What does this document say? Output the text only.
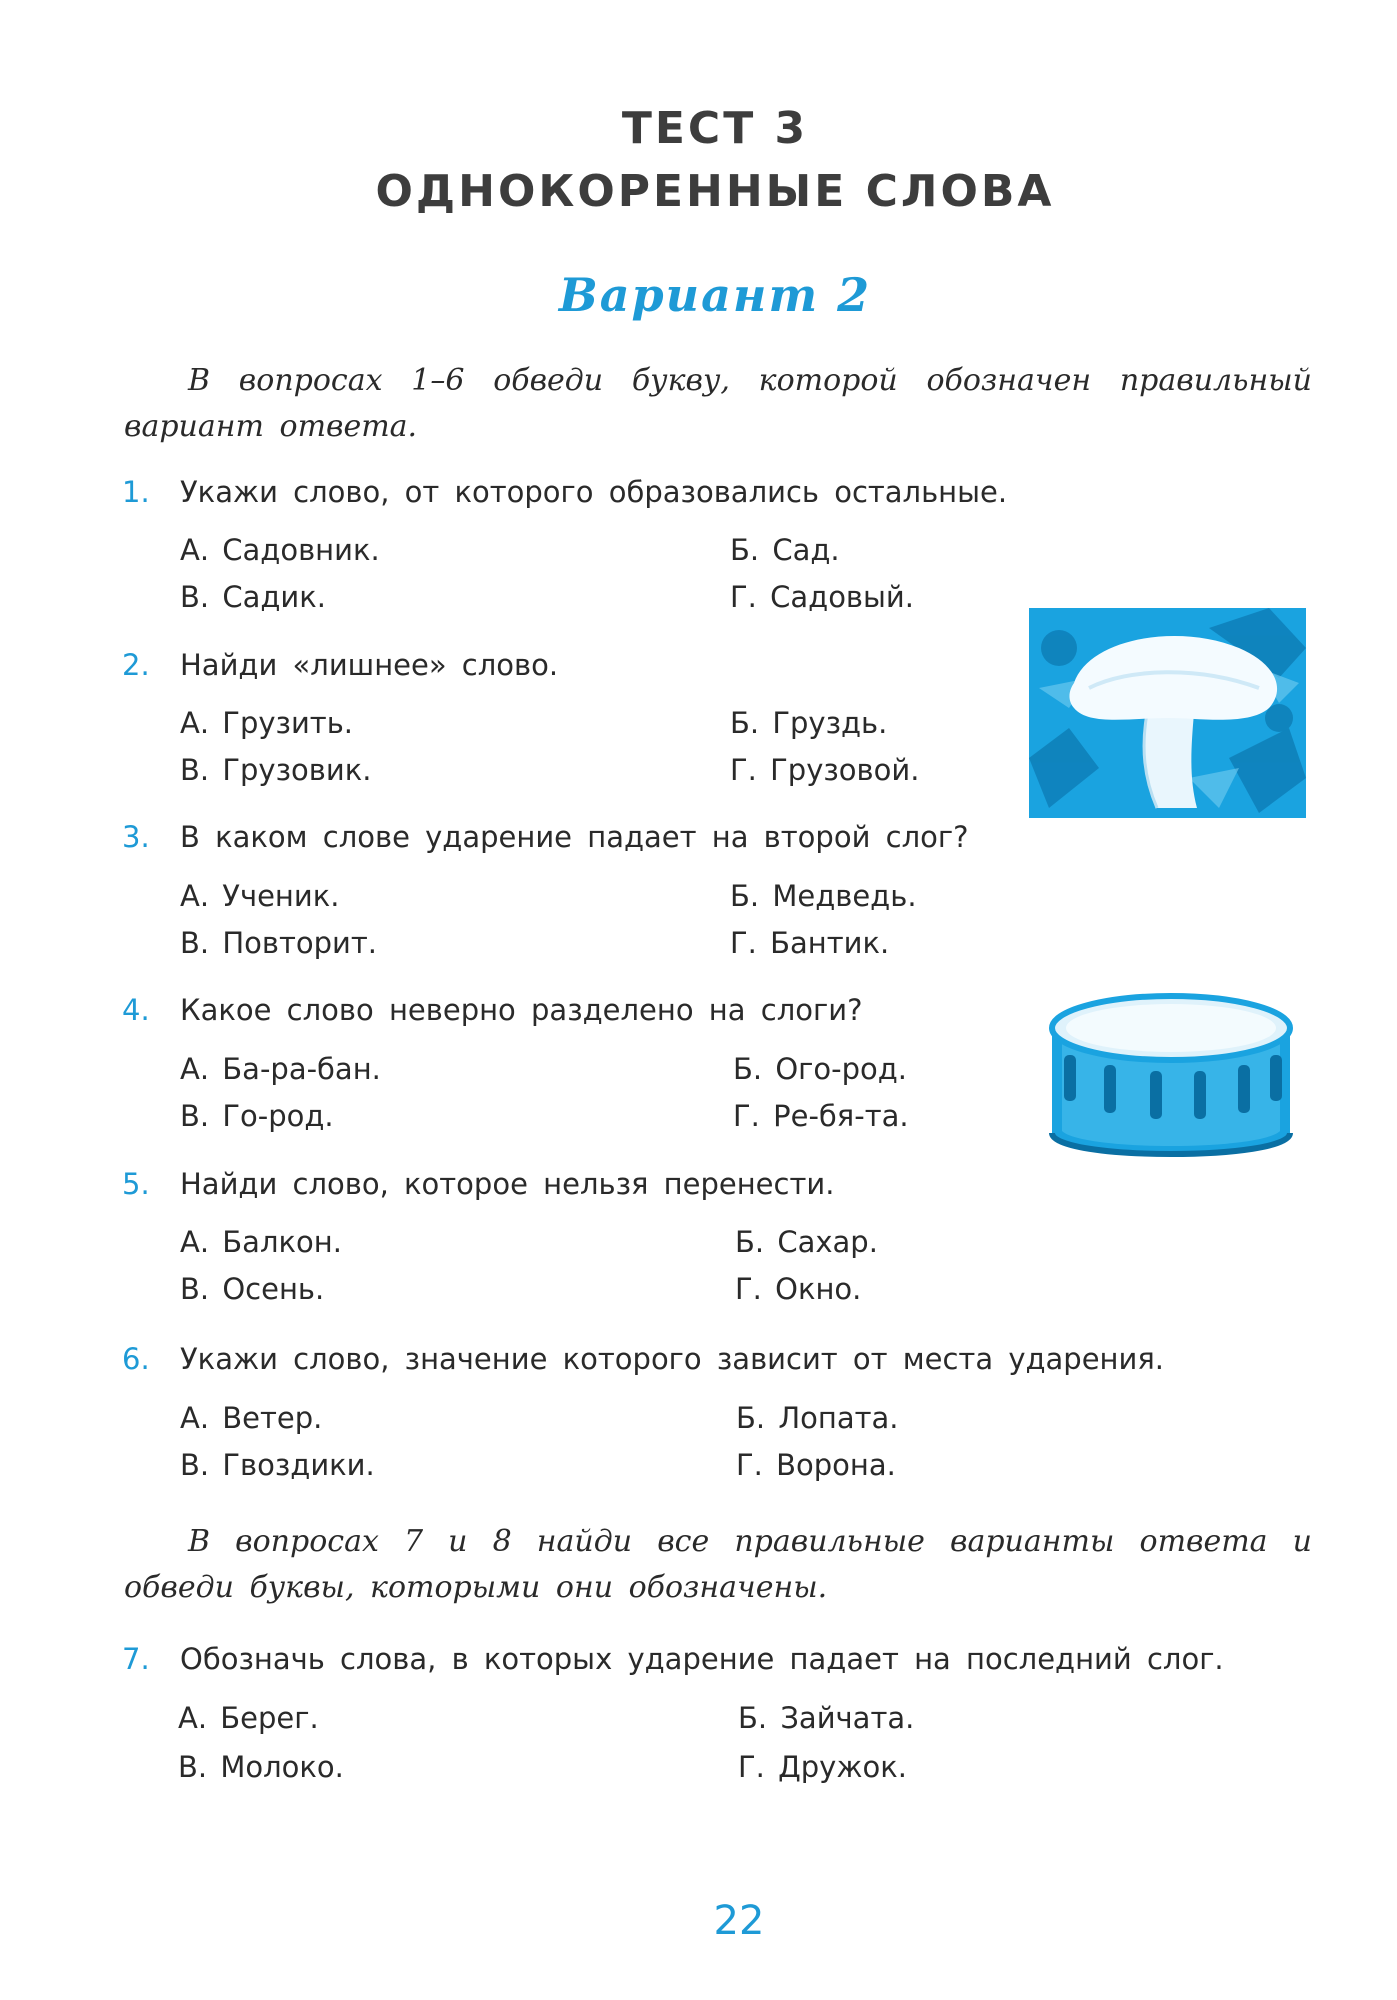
ТЕСТ 3
ОДНОКОРЕННЫЕ СЛОВА
Вариант 2
В вопросах 1–6 обведи букву, которой обозначен правильный вариант ответа.
1. Укажи слово, от которого образовались остальные.
А. Садовник.	Б. Сад.
В. Садик.	Г. Садовый.
2. Найди «лишнее» слово.
А. Грузить.	Б. Груздь.
В. Грузовик.	Г. Грузовой.
3. В каком слове ударение падает на второй слог?
А. Ученик.	Б. Медведь.
В. Повторит.	Г. Бантик.
4. Какое слово неверно разделено на слоги?
А. Ба-ра-бан.	Б. Ого-род.
В. Го-род.	Г. Ре-бя-та.
5. Найди слово, которое нельзя перенести.
А. Балкон.	Б. Сахар.
В. Осень.	Г. Окно.
6. Укажи слово, значение которого зависит от места ударения.
А. Ветер.	Б. Лопата.
В. Гвоздики.	Г. Ворона.
В вопросах 7 и 8 найди все правильные варианты ответа и обведи буквы, которыми они обозначены.
7. Обозначь слова, в которых ударение падает на последний слог.
А. Берег.	Б. Зайчата.
В. Молоко.	Г. Дружок.
22
